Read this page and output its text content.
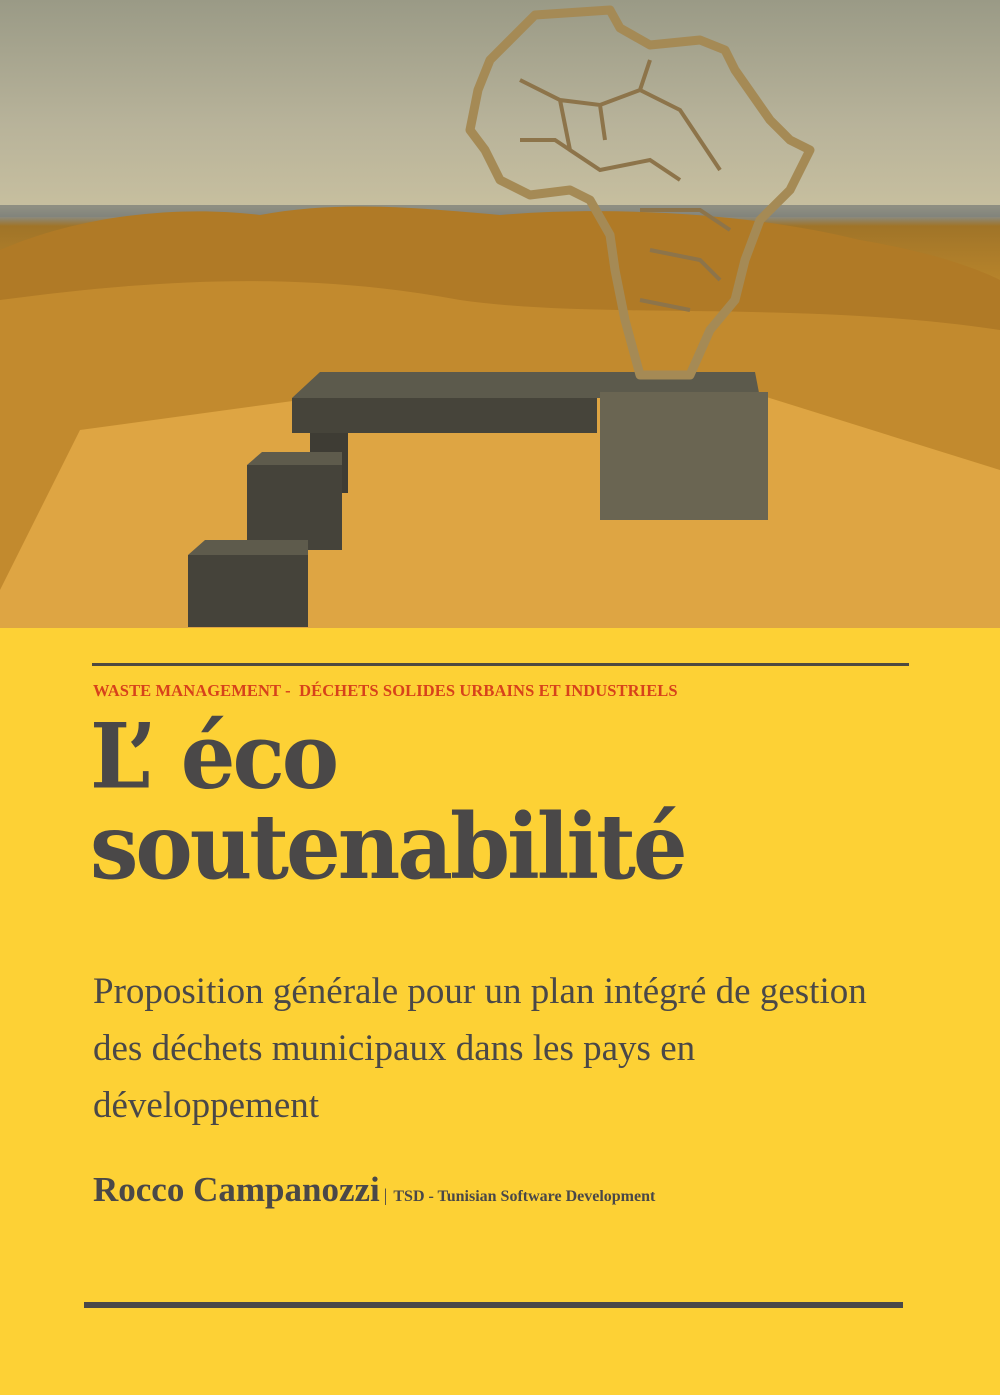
WASTE MANAGEMENT -  DÉCHETS SOLIDES URBAINS ET INDUSTRIELS
L’ éco
soutenabilité
Proposition générale pour un plan intégré de gestion des déchets municipaux dans les pays en développement
Rocco Campanozzi | TSD - Tunisian Software Development
